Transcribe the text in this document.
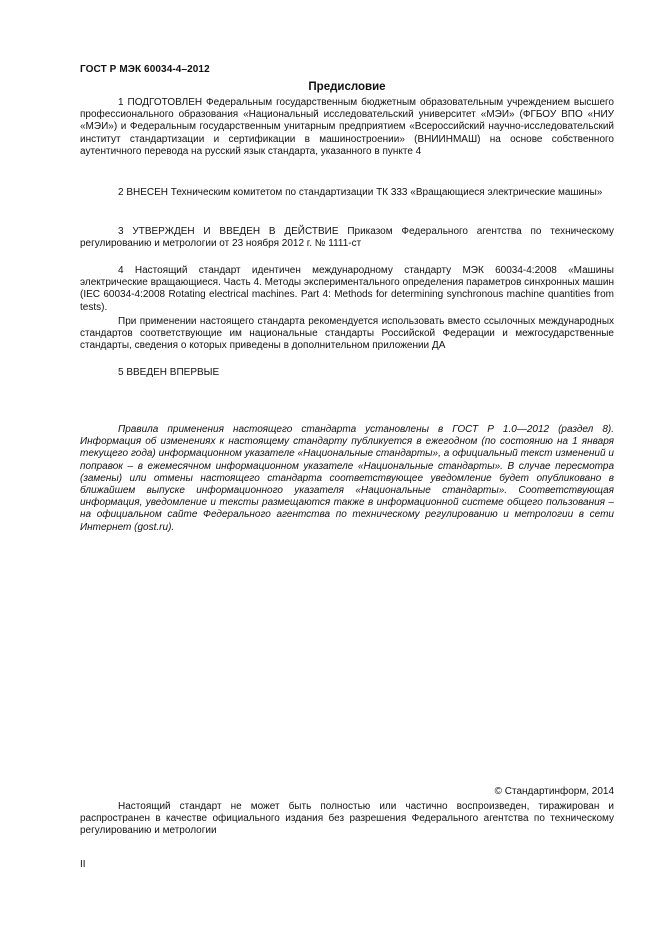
ГОСТ Р МЭК 60034-4–2012
Предисловие

1 ПОДГОТОВЛЕН Федеральным государственным бюджетным образовательным учреждением высшего профессионального образования «Национальный исследовательский университет «МЭИ» (ФГБОУ ВПО «НИУ «МЭИ») и Федеральным государственным унитарным предприятием «Всероссийский научно-исследовательский институт стандартизации и сертификации в машиностроении» (ВНИИНМАШ) на основе собственного аутентичного перевода на русский язык стандарта, указанного в пункте 4

2 ВНЕСЕН Техническим комитетом по стандартизации ТК 333 «Вращающиеся электрические машины»

3 УТВЕРЖДЕН И ВВЕДЕН В ДЕЙСТВИЕ Приказом Федерального агентства по техническому регулированию и метрологии от 23 ноября 2012 г. № 1111-ст

4 Настоящий стандарт идентичен международному стандарту МЭК 60034-4:2008 «Машины электрические вращающиеся. Часть 4. Методы экспериментального определения параметров синхронных машин (IEC 60034-4:2008 Rotating electrical machines. Part 4: Methods for determining synchronous machine quantities from tests).

При применении настоящего стандарта рекомендуется использовать вместо ссылочных международных стандартов соответствующие им национальные стандарты Российской Федерации и межгосударственные стандарты, сведения о которых приведены в дополнительном приложении ДА

5 ВВЕДЕН ВПЕРВЫЕ

Правила применения настоящего стандарта установлены в ГОСТ Р 1.0—2012 (раздел 8). Информация об изменениях к настоящему стандарту публикуется в ежегодном (по состоянию на 1 января текущего года) информационном указателе «Национальные стандарты», а официальный текст изменений и поправок – в ежемесячном информационном указателе «Национальные стандарты». В случае пересмотра (замены) или отмены настоящего стандарта соответствующее уведомление будет опубликовано в ближайшем выпуске информационного указателя «Национальные стандарты». Соответствующая информация, уведомление и тексты размещаются также в информационной системе общего пользования – на официальном сайте Федерального агентства по техническому регулированию и метрологии в сети Интернет (gost.ru).

© Стандартинформ, 2014

Настоящий стандарт не может быть полностью или частично воспроизведен, тиражирован и распространен в качестве официального издания без разрешения Федерального агентства по техническому регулированию и метрологии

II
